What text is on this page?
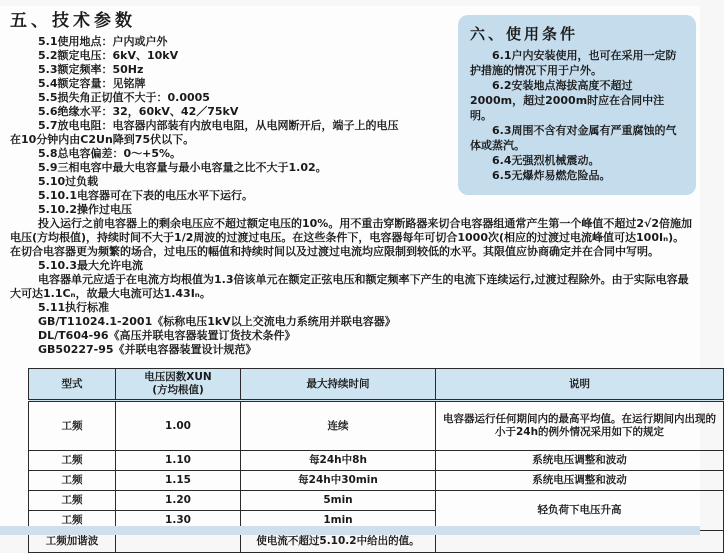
五、技术参数
5.1使用地点：户内或户外
5.2额定电压：6kV、10kV
5.3额定频率：50Hz
5.4额定容量：见铭牌
5.5损失角正切值不大于：0.0005
5.6绝缘水平：32，60kV、42／75kV
5.7放电电阻：电容器内部装有内放电电阻，从电网断开后，端子上的电压
在10分钟内由C2Un降到75伏以下。
5.8总电容偏差：0～+5%。
5.9三相电容中最大电容量与最小电容量之比不大于1.02。
5.10过负载
5.10.1电容器可在下表的电压水平下运行。
5.10.2操作过电压

投入运行之前电容器上的剩余电压应不超过额定电压的10%。用不重击穿断路器来切合电容器组通常产生第一个峰值不超过2√2倍施加电压(方均根值)，持续时间不大于1/2周波的过渡过电压。在这些条件下，电容器每年可切合1000次(相应的过渡过电流峰值可达100Iₙ)。在切合电容器更为频繁的场合，过电压的幅值和持续时间以及过渡过电流均应限制到较低的水平。其限值应协商确定并在合同中写明。

5.10.3最大允许电流

电容器单元应适于在电流方均根值为1.3倍该单元在额定正弦电压和额定频率下产生的电流下连续运行,过渡过程除外。由于实际电容最大可达1.1Cₙ，故最大电流可达1.43Iₙ。

5.11执行标准

GB/T11024.1-2001《标称电压1kV以上交流电力系统用并联电容器》

DL/T604-96《高压并联电容器装置订货技术条件》

GB50227-95《并联电容器装置设计规范》

六、使用条件

6.1户内安装使用，也可在采用一定防护措施的情况下用于户外。

6.2安装地点海拔高度不超过2000m，超过2000m时应在合同中注明。

6.3周围不含有对金属有严重腐蚀的气体或蒸汽。

6.4无强烈机械震动。

6.5无爆炸易燃危险品。

型式	电压因数XUN
(方均根值)	最大持续时间	说明
工频	1.00	连续	电容器运行任何期间内的最高平均值。在运行期间内出现的小于24h的例外情况采用如下的规定
工频	1.10	每24h中8h	系统电压调整和波动
工频	1.15	每24h中30min	系统电压调整和波动
工频	1.20	5min	轻负荷下电压升高
工频	1.30	1min	
工频加谐波		使电流不超过5.10.2中给出的值。	
